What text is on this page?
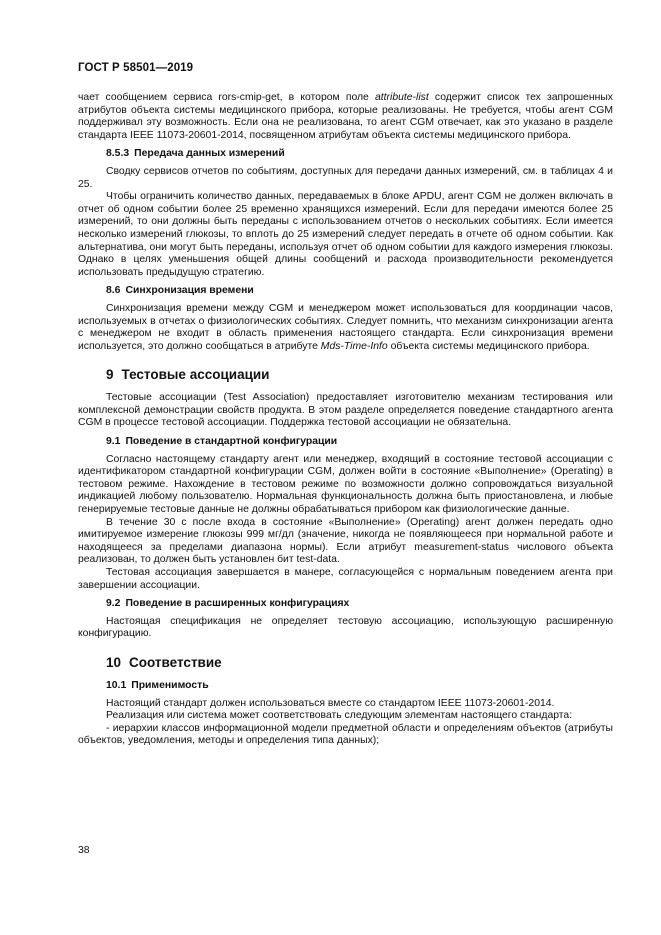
ГОСТ Р 58501—2019

чает сообщением сервиса rors-cmip-get, в котором поле attribute-list содержит список тех запрошенных атрибутов объекта системы медицинского прибора, которые реализованы. Не требуется, чтобы агент CGM поддерживал эту возможность. Если она не реализована, то агент CGM отвечает, как это указано в разделе стандарта IEEE 11073-20601-2014, посвященном атрибутам объекта системы медицинского прибора.

8.5.3 Передача данных измерений

Сводку сервисов отчетов по событиям, доступных для передачи данных измерений, см. в таблицах 4 и 25.

Чтобы ограничить количество данных, передаваемых в блоке APDU, агент CGM не должен включать в отчет об одном событии более 25 временно хранящихся измерений. Если для передачи имеются более 25 измерений, то они должны быть переданы с использованием отчетов о нескольких событиях. Если имеется несколько измерений глюкозы, то вплоть до 25 измерений следует передать в отчете об одном событии. Как альтернатива, они могут быть переданы, используя отчет об одном событии для каждого измерения глюкозы. Однако в целях уменьшения общей длины сообщений и расхода производительности рекомендуется использовать предыдущую стратегию.

8.6 Синхронизация времени

Синхронизация времени между CGM и менеджером может использоваться для координации часов, используемых в отчетах о физиологических событиях. Следует помнить, что механизм синхронизации агента с менеджером не входит в область применения настоящего стандарта. Если синхронизация времени используется, это должно сообщаться в атрибуте Mds-Time-Info объекта системы медицинского прибора.

9 Тестовые ассоциации

Тестовые ассоциации (Test Association) предоставляет изготовителю механизм тестирования или комплексной демонстрации свойств продукта. В этом разделе определяется поведение стандартного агента CGM в процессе тестовой ассоциации. Поддержка тестовой ассоциации не обязательна.

9.1 Поведение в стандартной конфигурации

Согласно настоящему стандарту агент или менеджер, входящий в состояние тестовой ассоциации с идентификатором стандартной конфигурации CGM, должен войти в состояние «Выполнение» (Operating) в тестовом режиме. Нахождение в тестовом режиме по возможности должно сопровождаться визуальной индикацией любому пользователю. Нормальная функциональность должна быть приостановлена, и любые генерируемые тестовые данные не должны обрабатываться прибором как физиологические данные.

В течение 30 с после входа в состояние «Выполнение» (Operating) агент должен передать одно имитируемое измерение глюкозы 999 мг/дл (значение, никогда не появляющееся при нормальной работе и находящееся за пределами диапазона нормы). Если атрибут measurement-status числового объекта реализован, то должен быть установлен бит test-data.

Тестовая ассоциация завершается в манере, согласующейся с нормальным поведением агента при завершении ассоциации.

9.2 Поведение в расширенных конфигурациях

Настоящая спецификация не определяет тестовую ассоциацию, использующую расширенную конфигурацию.

10 Соответствие
10.1 Применимость

Настоящий стандарт должен использоваться вместе со стандартом IEEE 11073-20601-2014.

Реализация или система может соответствовать следующим элементам настоящего стандарта:

- иерархии классов информационной модели предметной области и определениям объектов (атрибуты объектов, уведомления, методы и определения типа данных);

38
